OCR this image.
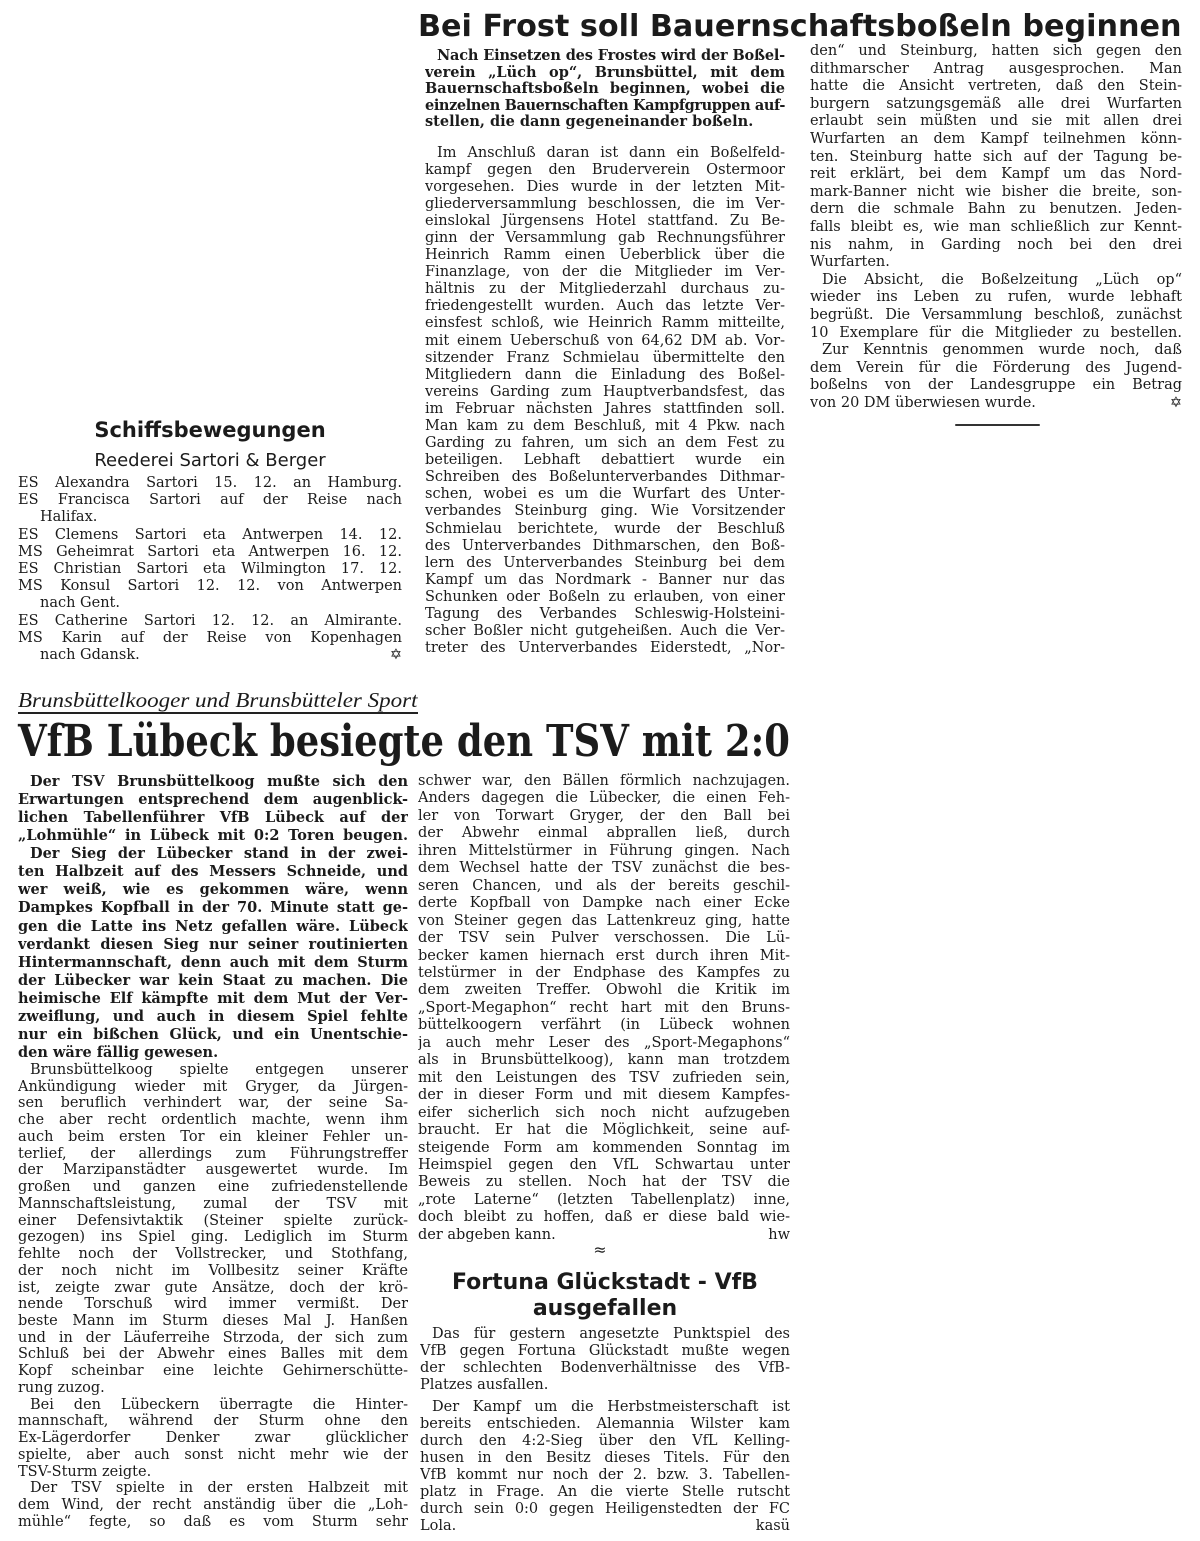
Bei Frost soll Bauernschaftsboßeln beginnen
Nach Einsetzen des Frostes wird der Boßel-
verein „Lüch op“, Brunsbüttel, mit dem
Bauernschaftsboßeln beginnen, wobei die
einzelnen Bauernschaften Kampfgruppen auf-
stellen, die dann gegeneinander boßeln.
Im Anschluß daran ist dann ein Boßelfeld-
kampf gegen den Bruderverein Ostermoor
vorgesehen. Dies wurde in der letzten Mit-
gliederversammlung beschlossen, die im Ver-
einslokal Jürgensens Hotel stattfand. Zu Be-
ginn der Versammlung gab Rechnungsführer
Heinrich Ramm einen Ueberblick über die
Finanzlage, von der die Mitglieder im Ver-
hältnis zu der Mitgliederzahl durchaus zu-
friedengestellt wurden. Auch das letzte Ver-
einsfest schloß, wie Heinrich Ramm mitteilte,
mit einem Ueberschuß von 64,62 DM ab. Vor-
sitzender Franz Schmielau übermittelte den
Mitgliedern dann die Einladung des Boßel-
vereins Garding zum Hauptverbandsfest, das
im Februar nächsten Jahres stattfinden soll.
Man kam zu dem Beschluß, mit 4 Pkw. nach
Garding zu fahren, um sich an dem Fest zu
beteiligen. Lebhaft debattiert wurde ein
Schreiben des Boßelunterverbandes Dithmar-
schen, wobei es um die Wurfart des Unter-
verbandes Steinburg ging. Wie Vorsitzender
Schmielau berichtete, wurde der Beschluß
des Unterverbandes Dithmarschen, den Boß-
lern des Unterverbandes Steinburg bei dem
Kampf um das Nordmark - Banner nur das
Schunken oder Boßeln zu erlauben, von einer
Tagung des Verbandes Schleswig-Holsteini-
scher Boßler nicht gutgeheißen. Auch die Ver-
treter des Unterverbandes Eiderstedt, „Nor-
den“ und Steinburg, hatten sich gegen den
dithmarscher Antrag ausgesprochen. Man
hatte die Ansicht vertreten, daß den Stein-
burgern satzungsgemäß alle drei Wurfarten
erlaubt sein müßten und sie mit allen drei
Wurfarten an dem Kampf teilnehmen könn-
ten. Steinburg hatte sich auf der Tagung be-
reit erklärt, bei dem Kampf um das Nord-
mark-Banner nicht wie bisher die breite, son-
dern die schmale Bahn zu benutzen. Jeden-
falls bleibt es, wie man schließlich zur Kennt-
nis nahm, in Garding noch bei den drei
Wurfarten.
Die Absicht, die Boßelzeitung „Lüch op“
wieder ins Leben zu rufen, wurde lebhaft
begrüßt. Die Versammlung beschloß, zunächst
10 Exemplare für die Mitglieder zu bestellen.
Zur Kenntnis genommen wurde noch, daß
dem Verein für die Förderung des Jugend-
boßelns von der Landesgruppe ein Betrag
✡
von 20 DM überwiesen wurde.
Schiffsbewegungen
Reederei Sartori & Berger
ES Alexandra Sartori 15. 12. an Hamburg.
ES Francisca Sartori auf der Reise nach
Halifax.
ES Clemens Sartori eta Antwerpen 14. 12.
MS Geheimrat Sartori eta Antwerpen 16. 12.
ES Christian Sartori eta Wilmington 17. 12.
MS Konsul Sartori 12. 12. von Antwerpen
nach Gent.
ES Catherine Sartori 12. 12. an Almirante.
MS Karin auf der Reise von Kopenhagen
✡
nach Gdansk.
Brunsbüttelkooger und Brunsbütteler Sport
VfB Lübeck besiegte den TSV mit 2:0
Der TSV Brunsbüttelkoog mußte sich den
Erwartungen entsprechend dem augenblick-
lichen Tabellenführer VfB Lübeck auf der
„Lohmühle“ in Lübeck mit 0:2 Toren beugen.
Der Sieg der Lübecker stand in der zwei-
ten Halbzeit auf des Messers Schneide, und
wer weiß, wie es gekommen wäre, wenn
Dampkes Kopfball in der 70. Minute statt ge-
gen die Latte ins Netz gefallen wäre. Lübeck
verdankt diesen Sieg nur seiner routinierten
Hintermannschaft, denn auch mit dem Sturm
der Lübecker war kein Staat zu machen. Die
heimische Elf kämpfte mit dem Mut der Ver-
zweiflung, und auch in diesem Spiel fehlte
nur ein bißchen Glück, und ein Unentschie-
den wäre fällig gewesen.
Brunsbüttelkoog spielte entgegen unserer
Ankündigung wieder mit Gryger, da Jürgen-
sen beruflich verhindert war, der seine Sa-
che aber recht ordentlich machte, wenn ihm
auch beim ersten Tor ein kleiner Fehler un-
terlief, der allerdings zum Führungstreffer
der Marzipanstädter ausgewertet wurde. Im
großen und ganzen eine zufriedenstellende
Mannschaftsleistung, zumal der TSV mit
einer Defensivtaktik (Steiner spielte zurück-
gezogen) ins Spiel ging. Lediglich im Sturm
fehlte noch der Vollstrecker, und Stothfang,
der noch nicht im Vollbesitz seiner Kräfte
ist, zeigte zwar gute Ansätze, doch der krö-
nende Torschuß wird immer vermißt. Der
beste Mann im Sturm dieses Mal J. Hanßen
und in der Läuferreihe Strzoda, der sich zum
Schluß bei der Abwehr eines Balles mit dem
Kopf scheinbar eine leichte Gehirnerschütte-
rung zuzog.
Bei den Lübeckern überragte die Hinter-
mannschaft, während der Sturm ohne den
Ex-Lägerdorfer Denker zwar glücklicher
spielte, aber auch sonst nicht mehr wie der
TSV-Sturm zeigte.
Der TSV spielte in der ersten Halbzeit mit
dem Wind, der recht anständig über die „Loh-
mühle“ fegte, so daß es vom Sturm sehr
schwer war, den Bällen förmlich nachzujagen.
Anders dagegen die Lübecker, die einen Feh-
ler von Torwart Gryger, der den Ball bei
der Abwehr einmal abprallen ließ, durch
ihren Mittelstürmer in Führung gingen. Nach
dem Wechsel hatte der TSV zunächst die bes-
seren Chancen, und als der bereits geschil-
derte Kopfball von Dampke nach einer Ecke
von Steiner gegen das Lattenkreuz ging, hatte
der TSV sein Pulver verschossen. Die Lü-
becker kamen hiernach erst durch ihren Mit-
telstürmer in der Endphase des Kampfes zu
dem zweiten Treffer. Obwohl die Kritik im
„Sport-Megaphon“ recht hart mit den Bruns-
büttelkoogern verfährt (in Lübeck wohnen
ja auch mehr Leser des „Sport-Megaphons“
als in Brunsbüttelkoog), kann man trotzdem
mit den Leistungen des TSV zufrieden sein,
der in dieser Form und mit diesem Kampfes-
eifer sicherlich sich noch nicht aufzugeben
braucht. Er hat die Möglichkeit, seine auf-
steigende Form am kommenden Sonntag im
Heimspiel gegen den VfL Schwartau unter
Beweis zu stellen. Noch hat der TSV die
„rote Laterne“ (letzten Tabellenplatz) inne,
doch bleibt zu hoffen, daß er diese bald wie-
hw
der abgeben kann.
≈
Fortuna Glückstadt - VfB
ausgefallen
Das für gestern angesetzte Punktspiel des
VfB gegen Fortuna Glückstadt mußte wegen
der schlechten Bodenverhältnisse des VfB-
Platzes ausfallen.
Der Kampf um die Herbstmeisterschaft ist
bereits entschieden. Alemannia Wilster kam
durch den 4:2-Sieg über den VfL Kelling-
husen in den Besitz dieses Titels. Für den
VfB kommt nur noch der 2. bzw. 3. Tabellen-
platz in Frage. An die vierte Stelle rutscht
durch sein 0:0 gegen Heiligenstedten der FC
kasü
Lola.
